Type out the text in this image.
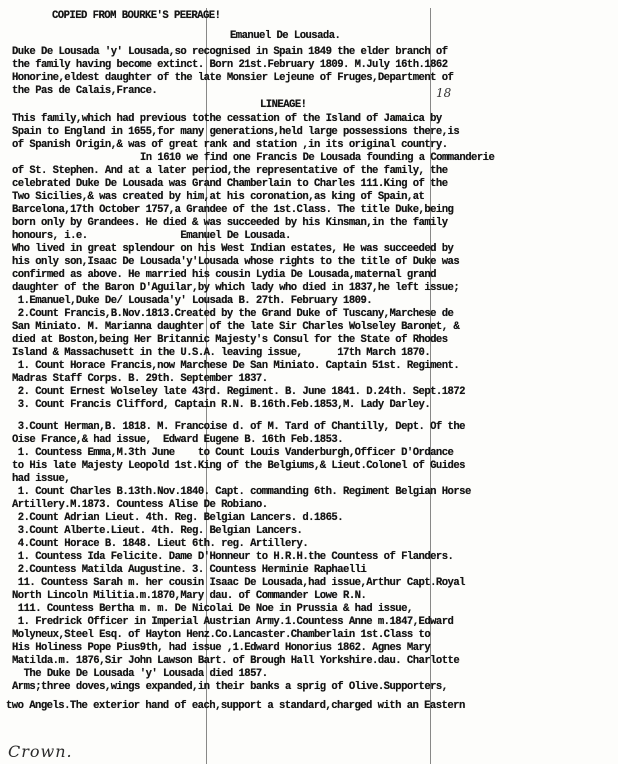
COPIED FROM BOURKE'S PEERAGE!
Emanuel De Lousada.
Duke De Lousada 'y' Lousada,so recognised in Spain 1849 the elder branch of
the family having become extinct. Born 21st.February 1809. M.July 16th.1862
Honorine,eldest daughter of the late Monsier Lejeune of Fruges,Department of
the Pas de Calais,France.	18
LINEAGE!
This family,which had previous tothe cessation of the Island of Jamaica by
Spain to England in 1655,for many generations,held large possessions there,is
of Spanish Origin,& was of great rank and station ,in its original country.
In 1610 we find one Francis De Lousada founding a Commanderie
of St. Stephen. And at a later period,the representative of the family, the
celebrated Duke De Lousada was Grand Chamberlain to Charles 111.King of the
Two Sicilies,& was created by him,at his coronation,as king of Spain,at
Barcelona,17th October 1757,a Grandee of the 1st.Class. The title Duke,being
born only by Grandees. He died & was succeeded by his Kinsman,in the family
honours, i.e.                Emanuel De Lousada.
Who lived in great splendour on his West Indian estates, He was succeeded by
his only son,Isaac De Lousada'y'Lousada whose rights to the title of Duke was
confirmed as above. He married his cousin Lydia De Lousada,maternal grand
daughter of the Baron D'Aguilar,by which lady who died in 1837,he left issue;
1.Emanuel,Duke De/ Lousada'y' Lousada B. 27th. February 1809.
2.Count Francis,B.Nov.1813.Created by the Grand Duke of Tuscany,Marchese de
San Miniato. M. Marianna daughter of the late Sir Charles Wolseley Baronet, &
died at Boston,being Her Britannic Majesty's Consul for the State of Rhodes
Island & Massachusett in the U.S.A. leaving issue,      17th March 1870.
1. Count Horace Francis,now Marchese De San Miniato. Captain 51st. Regiment.
Madras Staff Corps. B. 29th. September 1837.
2. Count Ernest Wolseley late 43rd. Regiment. B. June 1841. D.24th. Sept.1872
3. Count Francis Clifford, Captain R.N. B.16th.Feb.1853,M. Lady Darley.
3.Count Herman,B. 1818. M. Francoise d. of M. Tard of Chantilly, Dept. Of the
Oise France,& had issue,  Edward Eugene B. 16th Feb.1853.
1. Countess Emma,M.3th June    to Count Louis Vanderburgh,Officer D'Ordance
to His late Majesty Leopold 1st.King of the Belgiums,& Lieut.Colonel of Guides
had issue,
1. Count Charles B.13th.Nov.1840. Capt. commanding 6th. Regiment Belgian Horse
Artillery.M.1873. Countess Alise De Robiano.
2.Count Adrian Lieut. 4th. Reg. Belgian Lancers. d.1865.
3.Count Alberte.Lieut. 4th. Reg. Belgian Lancers.
4.Count Horace B. 1848. Lieut 6th. reg. Artillery.
1. Countess Ida Felicite. Dame D'Honneur to H.R.H.the Countess of Flanders.
2.Countess Matilda Augustine. 3. Countess Herminie Raphaelli
11. Countess Sarah m. her cousin Isaac De Lousada,had issue,Arthur Capt.Royal
North Lincoln Militia.m.1870,Mary dau. of Commander Lowe R.N.
111. Countess Bertha m. m. De Nicolai De Noe in Prussia & had issue,
1. Fredrick Officer in Imperial Austrian Army.1.Countess Anne m.1847,Edward
Molyneux,Steel Esq. of Hayton Henz.Co.Lancaster.Chamberlain 1st.Class to
His Holiness Pope Pius9th, had issue ,1.Edward Honorius 1862. Agnes Mary
Matilda.m. 1876,Sir John Lawson Bart. of Brough Hall Yorkshire.dau. Charlotte
The Duke De Lousada 'y' Lousada died 1857.
Arms;three doves,wings expanded,in their banks a sprig of Olive.Supporters,
two Angels.The exterior hand of each,support a standard,charged with an Eastern
Crown.
